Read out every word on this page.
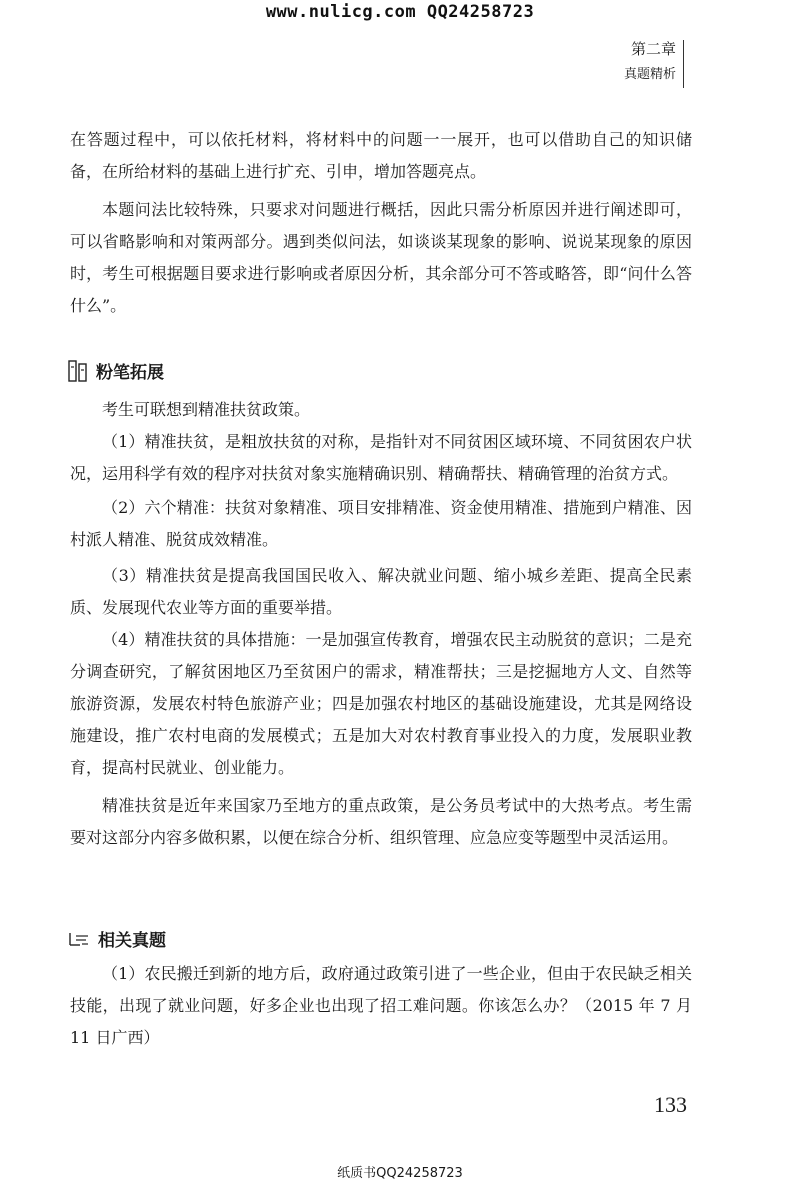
www.nulicg.com QQ24258723
第二章
真题精析

在答题过程中，可以依托材料，将材料中的问题一一展开，也可以借助自己的知识储备，在所给材料的基础上进行扩充、引申，增加答题亮点。

本题问法比较特殊，只要求对问题进行概括，因此只需分析原因并进行阐述即可，可以省略影响和对策两部分。遇到类似问法，如谈谈某现象的影响、说说某现象的原因时，考生可根据题目要求进行影响或者原因分析，其余部分可不答或略答，即“问什么答什么”。

粉笔拓展

考生可联想到精准扶贫政策。

（1）精准扶贫，是粗放扶贫的对称，是指针对不同贫困区域环境、不同贫困农户状况，运用科学有效的程序对扶贫对象实施精确识别、精确帮扶、精确管理的治贫方式。

（2）六个精准：扶贫对象精准、项目安排精准、资金使用精准、措施到户精准、因村派人精准、脱贫成效精准。

（3）精准扶贫是提高我国国民收入、解决就业问题、缩小城乡差距、提高全民素质、发展现代农业等方面的重要举措。

（4）精准扶贫的具体措施：一是加强宣传教育，增强农民主动脱贫的意识；二是充分调查研究，了解贫困地区乃至贫困户的需求，精准帮扶；三是挖掘地方人文、自然等旅游资源，发展农村特色旅游产业；四是加强农村地区的基础设施建设，尤其是网络设施建设，推广农村电商的发展模式；五是加大对农村教育事业投入的力度，发展职业教育，提高村民就业、创业能力。

精准扶贫是近年来国家乃至地方的重点政策，是公务员考试中的大热考点。考生需要对这部分内容多做积累，以便在综合分析、组织管理、应急应变等题型中灵活运用。

相关真题

（1）农民搬迁到新的地方后，政府通过政策引进了一些企业，但由于农民缺乏相关技能，出现了就业问题，好多企业也出现了招工难问题。你该怎么办？（2015 年 7 月 11 日广西）

133
纸质书QQ24258723
